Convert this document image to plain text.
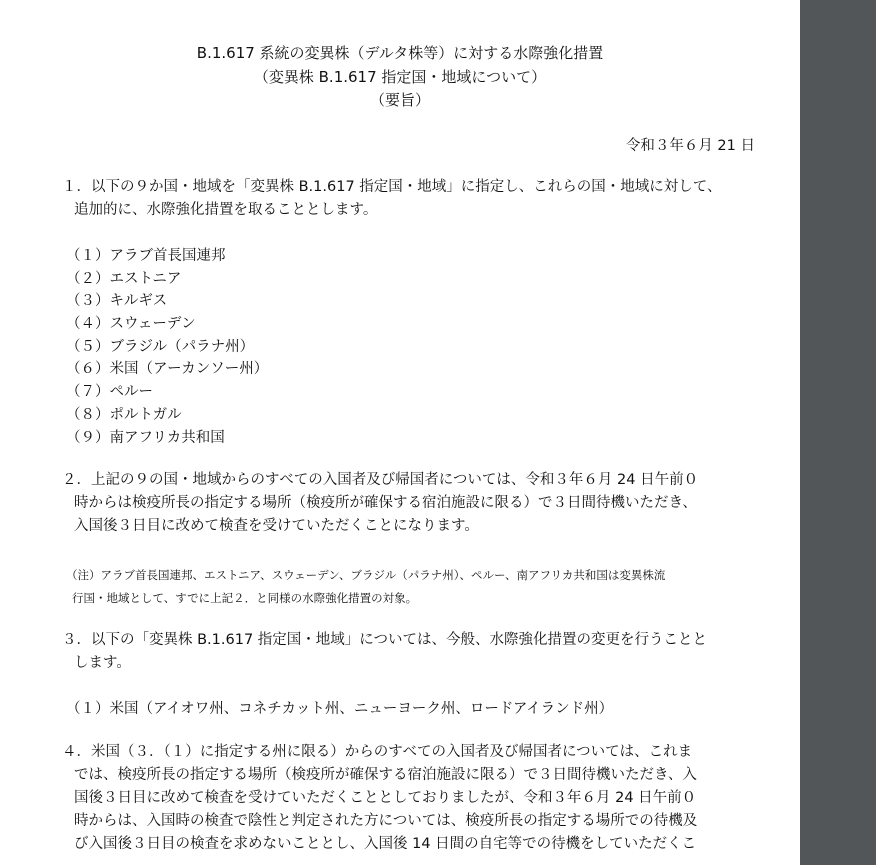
B.1.617 系統の変異株（デルタ株等）に対する水際強化措置
（変異株 B.1.617 指定国・地域について）
（要旨）
令和３年６月 21 日
１．以下の９か国・地域を「変異株 B.1.617 指定国・地域」に指定し、これらの国・地域に対して、
追加的に、水際強化措置を取ることとします。
（１）アラブ首長国連邦
（２）エストニア
（３）キルギス
（４）スウェーデン
（５）ブラジル（パラナ州）
（６）米国（アーカンソー州）
（７）ペルー
（８）ポルトガル
（９）南アフリカ共和国
２．上記の９の国・地域からのすべての入国者及び帰国者については、令和３年６月 24 日午前０
時からは検疫所長の指定する場所（検疫所が確保する宿泊施設に限る）で３日間待機いただき、
入国後３日目に改めて検査を受けていただくことになります。
（注）アラブ首長国連邦、エストニア、スウェーデン、ブラジル（パラナ州）、ペルー、南アフリカ共和国は変異株流
行国・地域として、すでに上記２．と同様の水際強化措置の対象。
３．以下の「変異株 B.1.617 指定国・地域」については、今般、水際強化措置の変更を行うことと
します。
（１）米国（アイオワ州、コネチカット州、ニューヨーク州、ロードアイランド州）
４．米国（３．（１）に指定する州に限る）からのすべての入国者及び帰国者については、これま
では、検疫所長の指定する場所（検疫所が確保する宿泊施設に限る）で３日間待機いただき、入
国後３日目に改めて検査を受けていただくこととしておりましたが、令和３年６月 24 日午前０
時からは、入国時の検査で陰性と判定された方については、検疫所長の指定する場所での待機及
び入国後３日目の検査を求めないこととし、入国後 14 日間の自宅等での待機をしていただくこ
